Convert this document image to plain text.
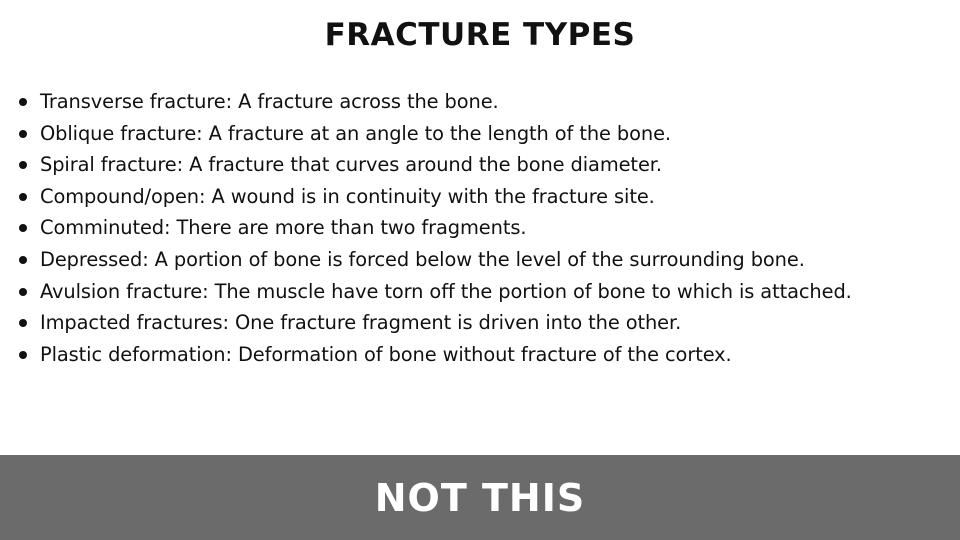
FRACTURE TYPES
Transverse fracture: A fracture across the bone.
Oblique fracture: A fracture at an angle to the length of the bone.
Spiral fracture: A fracture that curves around the bone diameter.
Compound/open: A wound is in continuity with the fracture site.
Comminuted: There are more than two fragments.
Depressed: A portion of bone is forced below the level of the surrounding bone.
Avulsion fracture: The muscle have torn off the portion of bone to which is attached.
Impacted fractures: One fracture fragment is driven into the other.
Plastic deformation: Deformation of bone without fracture of the cortex.
NOT THIS
